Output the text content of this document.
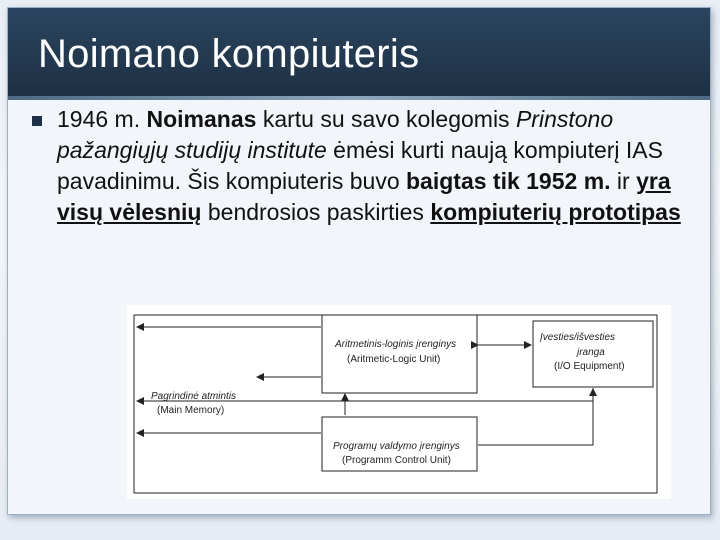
Noimano kompiuteris
1946 m. Noimanas kartu su savo kolegomis Prinstono pažangiųjų studijų institute ėmėsi kurti naują kompiuterį IAS pavadinimu. Šis kompiuteris buvo baigtas tik 1952 m. ir yra visų vėlesnių bendrosios paskirties kompiuterių prototipas
Aritmetinis-loginis įrenginys
(Aritmetic-Logic Unit)
Įvesties/išvesties
įranga
(I/O Equipment)
Pagrindinė atmintis
(Main Memory)
Programų valdymo įrenginys
(Programm Control Unit)
